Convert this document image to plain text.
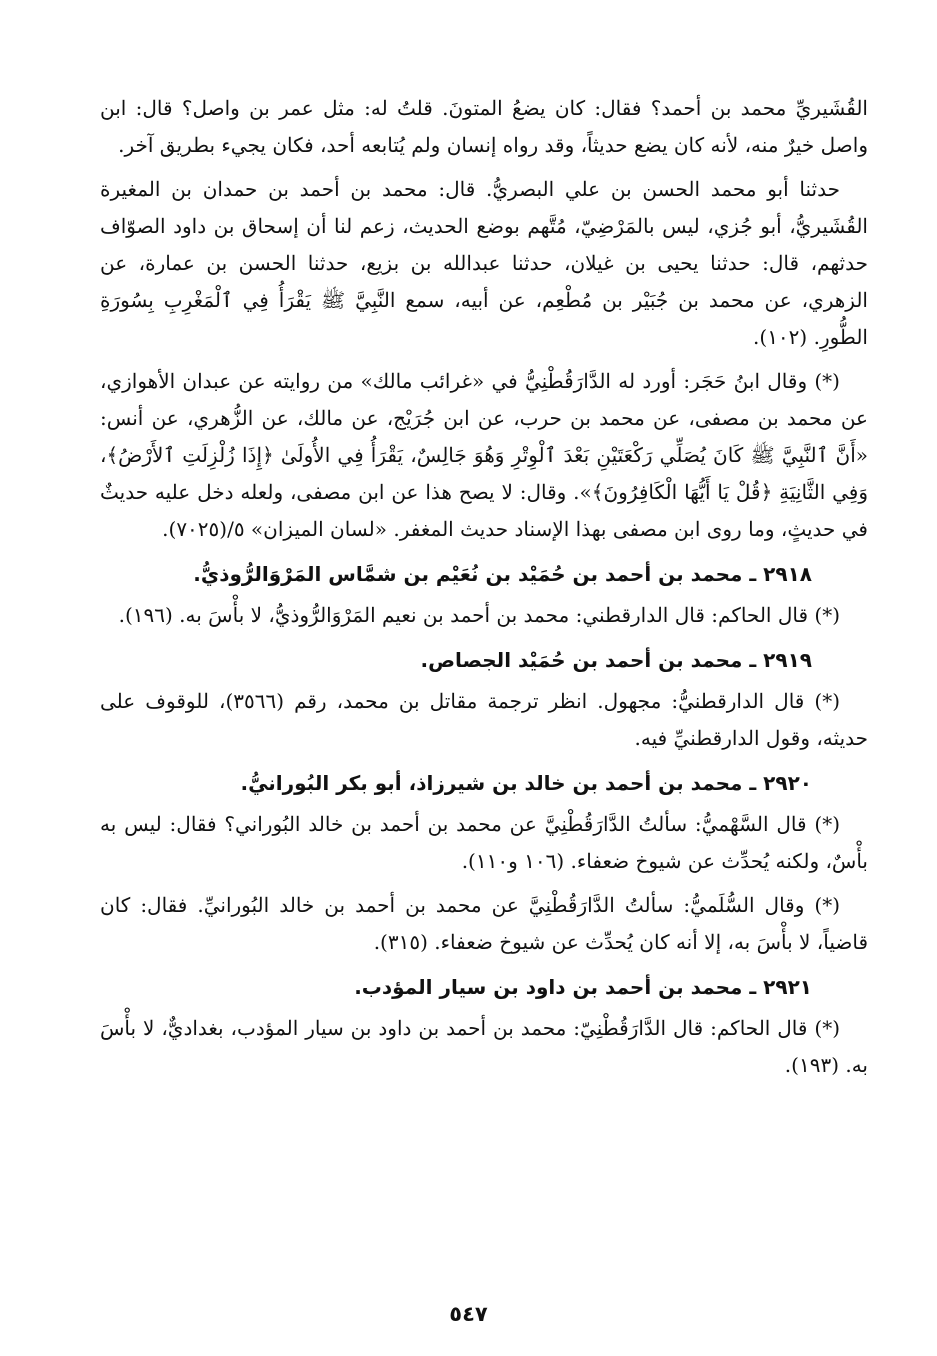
القُشَيريِّ محمد بن أحمد؟ فقال: كان يضعُ المتونَ. قلتُ له: مثل عمر بن واصل؟ قال: ابن واصل خيرٌ منه، لأنه كان يضع حديثاً، وقد رواه إنسان ولم يُتابعه أحد، فكان يجيء بطريق آخر.

حدثنا أبو محمد الحسن بن علي البصريُّ. قال: محمد بن أحمد بن حمدان بن المغيرة القُشَيريُّ، أبو جُزي، ليس بالمَرْضِيّ، مُتَّهم بوضع الحديث، زعم لنا أن إسحاق بن داود الصوّاف حدثهم، قال: حدثنا يحيى بن غيلان، حدثنا عبدالله بن بزيع، حدثنا الحسن بن عمارة، عن الزهري، عن محمد بن جُبَيْر بن مُطْعِم، عن أبيه، سمع النَّبِيَّ ﷺ يَقْرَأُ فِي ٱلْمَغْرِبِ بِسُورَةِ الطُّورِ. (١٠٢).

(*) وقال ابنُ حَجَر: أورد له الدَّارَقُطْنِيُّ في «غرائب مالك» من روايته عن عبدان الأهوازي، عن محمد بن مصفى، عن محمد بن حرب، عن ابن جُرَيْج، عن مالك، عن الزُّهري، عن أنس: «أَنَّ ٱلنَّبِيَّ ﷺ كَانَ يُصَلِّي رَكْعَتَيْنِ بَعْدَ ٱلْوِتْرِ وَهُوَ جَالِسٌ، يَقْرَأُ فِي الأُولَىٰ ﴿إِذَا زُلْزِلَتِ ٱلأَرْضُ﴾، وَفِي الثَّانِيَةِ ﴿قُلْ يَا أَيُّهَا الْكَافِرُونَ﴾». وقال: لا يصح هذا عن ابن مصفى، ولعله دخل عليه حديثٌ في حديثٍ، وما روى ابن مصفى بهذا الإسناد حديث المغفر. «لسان الميزان» ٥/(٧٠٢٥).

٢٩١٨ ـ محمد بن أحمد بن حُمَيْد بن نُعَيْم بن شمَّاس المَرْوَالرُّوذيُّ.

(*) قال الحاكم: قال الدارقطني: محمد بن أحمد بن نعيم المَرْوَالرُّوذيُّ، لا بأْسَ به. (١٩٦).

٢٩١٩ ـ محمد بن أحمد بن حُمَيْد الجصاص.

(*) قال الدارقطنيُّ: مجهول. انظر ترجمة مقاتل بن محمد، رقم (٣٥٦٦)، للوقوف على حديثه، وقول الدارقطنيِّ فيه.

٢٩٢٠ ـ محمد بن أحمد بن خالد بن شيرزاذ، أبو بكر البُورانيُّ.

(*) قال السَّهْميُّ: سألتُ الدَّارَقُطْنِيَّ عن محمد بن أحمد بن خالد البُوراني؟ فقال: ليس به بأْسٌ، ولكنه يُحدِّث عن شيوخ ضعفاء. (١٠٦ و١١٠).

(*) وقال السُّلَميُّ: سألتُ الدَّارَقُطْنِيَّ عن محمد بن أحمد بن خالد البُورانيِّ. فقال: كان قاضياً، لا بأْسَ به، إلا أنه كان يُحدِّث عن شيوخ ضعفاء. (٣١٥).

٢٩٢١ ـ محمد بن أحمد بن داود بن سيار المؤدب.

(*) قال الحاكم: قال الدَّارَقُطْنِيّ: محمد بن أحمد بن داود بن سيار المؤدب، بغداديٌّ، لا بأْسَ به. (١٩٣).

٥٤٧
